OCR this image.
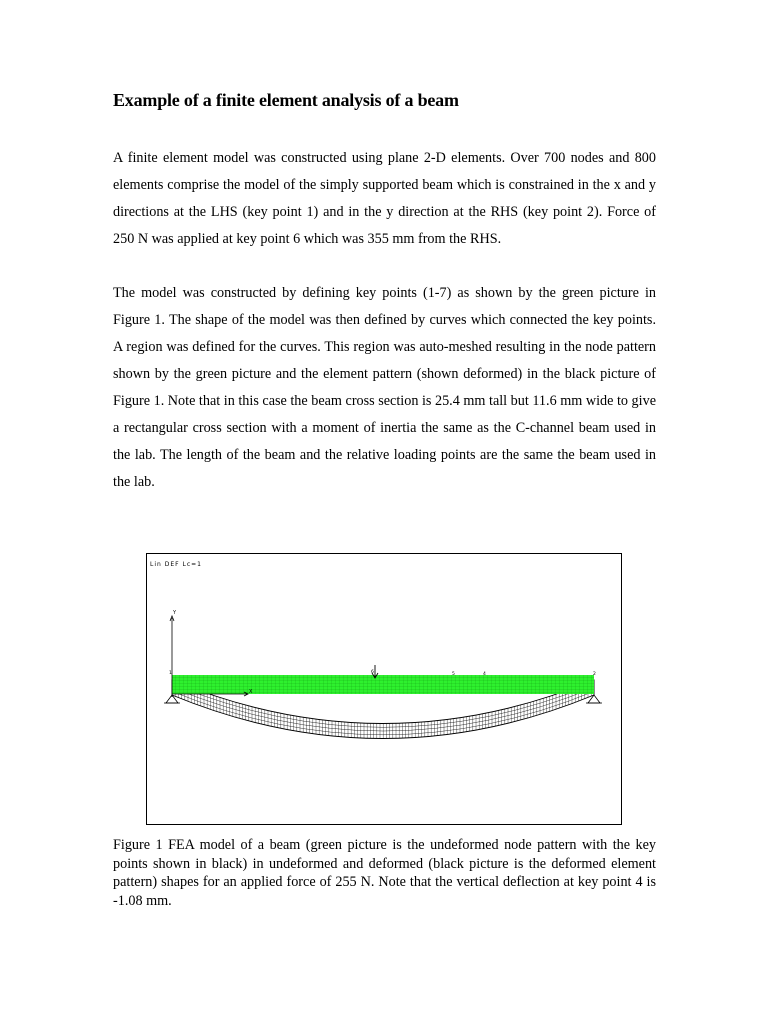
Example of a finite element analysis of a beam
A finite element model was constructed using plane 2-D elements. Over 700 nodes and 800 elements comprise the model of the simply supported beam which is constrained in the x and y directions at the LHS (key point 1) and in the y direction at the RHS (key point 2). Force of 250 N was applied at key point 6 which was 355 mm from the RHS.
The model was constructed by defining key points (1-7) as shown by the green picture in Figure 1. The shape of the model was then defined by curves which connected the key points. A region was defined for the curves. This region was auto-meshed resulting in the node pattern shown by the green picture and the element pattern (shown deformed) in the black picture of Figure 1. Note that in this case the beam cross section is 25.4 mm tall but 11.6 mm wide to give a rectangular cross section with a moment of inertia the same as the C-channel beam used in the lab. The length of the beam and the relative loading points are the same the beam used in the lab.
Lin DEF Lc=1
Y
X
1	6	5	4	2
Figure 1 FEA model of a beam (green picture is the undeformed node pattern with the key points shown in black) in undeformed and deformed (black picture is the deformed element pattern) shapes for an applied force of 255 N. Note that the vertical deflection at key point 4 is -1.08 mm.
